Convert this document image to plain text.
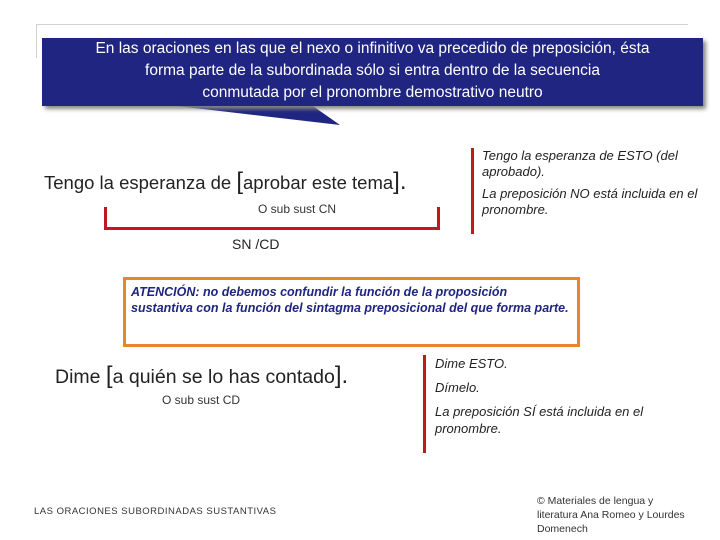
En las oraciones en las que el nexo o infinitivo va precedido de preposición, ésta
forma parte de la subordinada sólo si entra dentro de la secuencia
conmutada por el pronombre demostrativo neutro
Tengo la esperanza de [aprobar este tema].
O sub sust CN
SN /CD

Tengo la esperanza de ESTO (del aprobado).

La preposición NO está incluida en el pronombre.

ATENCIÓN: no debemos confundir la función de la proposición sustantiva con la función del sintagma preposicional del que forma parte.
Dime [a quién se lo has contado].
O sub sust CD

Dime ESTO.

Dímelo.

La preposición SÍ está incluida en el pronombre.

LAS ORACIONES SUBORDINADAS SUSTANTIVAS
© Materiales de lengua y literatura Ana Romeo y Lourdes Domenech
